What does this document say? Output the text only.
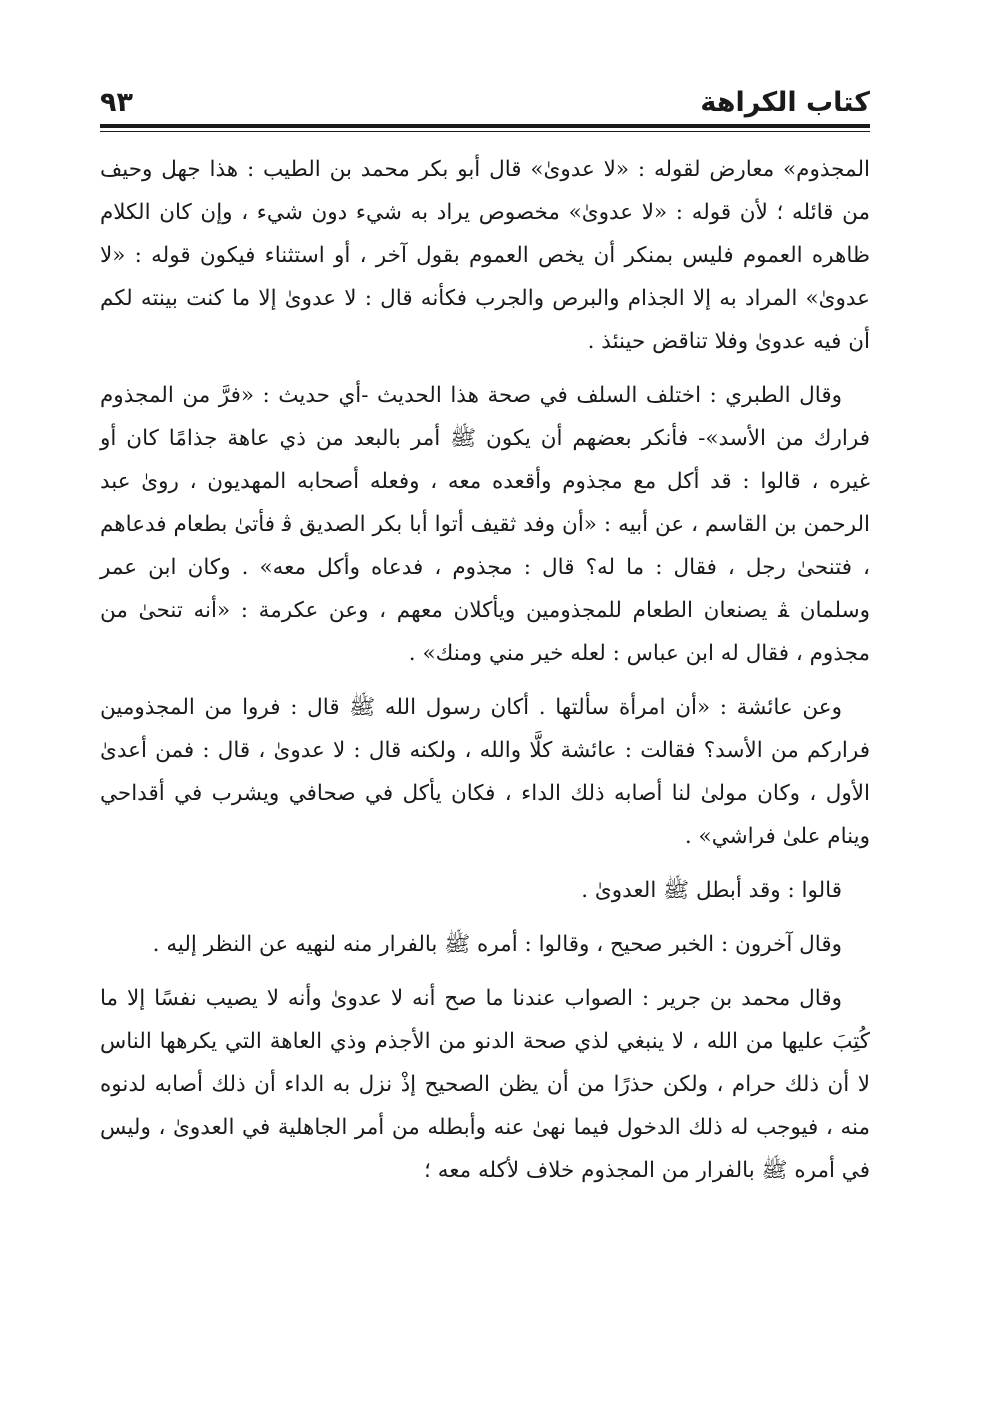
كتاب الكراهة
٩٣

المجذوم» معارض لقوله : «لا عدوىٰ» قال أبو بكر محمد بن الطيب : هذا جهل وحيف من قائله ؛ لأن قوله : «لا عدوىٰ» مخصوص يراد به شيء دون شيء ، وإن كان الكلام ظاهره العموم فليس بمنكر أن يخص العموم بقول آخر ، أو استثناء فيكون قوله : «لا عدوىٰ» المراد به إلا الجذام والبرص والجرب فكأنه قال : لا عدوىٰ إلا ما كنت بينته لكم أن فيه عدوىٰ وفلا تناقض حينئذ .

وقال الطبري : اختلف السلف في صحة هذا الحديث -أي حديث : «فرَّ من المجذوم فرارك من الأسد»- فأنكر بعضهم أن يكون ﷺ أمر بالبعد من ذي عاهة جذامًا كان أو غيره ، قالوا : قد أكل مع مجذوم وأقعده معه ، وفعله أصحابه المهديون ، روىٰ عبد الرحمن بن القاسم ، عن أبيه : «أن وفد ثقيف أتوا أبا بكر الصديق ﭬ فأتىٰ بطعام فدعاهم ، فتنحىٰ رجل ، فقال : ما له؟ قال : مجذوم ، فدعاه وأكل معه» . وكان ابن عمر وسلمان ﭭ يصنعان الطعام للمجذومين ويأكلان معهم ، وعن عكرمة : «أنه تنحىٰ من مجذوم ، فقال له ابن عباس : لعله خير مني ومنك» .

وعن عائشة : «أن امرأة سألتها . أكان رسول الله ﷺ قال : فروا من المجذومين فراركم من الأسد؟ فقالت : عائشة كلَّا والله ، ولكنه قال : لا عدوىٰ ، قال : فمن أعدىٰ الأول ، وكان مولىٰ لنا أصابه ذلك الداء ، فكان يأكل في صحافي ويشرب في أقداحي وينام علىٰ فراشي» .

قالوا : وقد أبطل ﷺ العدوىٰ .

وقال آخرون : الخبر صحيح ، وقالوا : أمره ﷺ بالفرار منه لنهيه عن النظر إليه .

وقال محمد بن جرير : الصواب عندنا ما صح أنه لا عدوىٰ وأنه لا يصيب نفسًا إلا ما كُتِبَ عليها من الله ، لا ينبغي لذي صحة الدنو من الأجذم وذي العاهة التي يكرهها الناس لا أن ذلك حرام ، ولكن حذرًا من أن يظن الصحيح إذْ نزل به الداء أن ذلك أصابه لدنوه منه ، فيوجب له ذلك الدخول فيما نهىٰ عنه وأبطله من أمر الجاهلية في العدوىٰ ، وليس في أمره ﷺ بالفرار من المجذوم خلاف لأكله معه ؛
